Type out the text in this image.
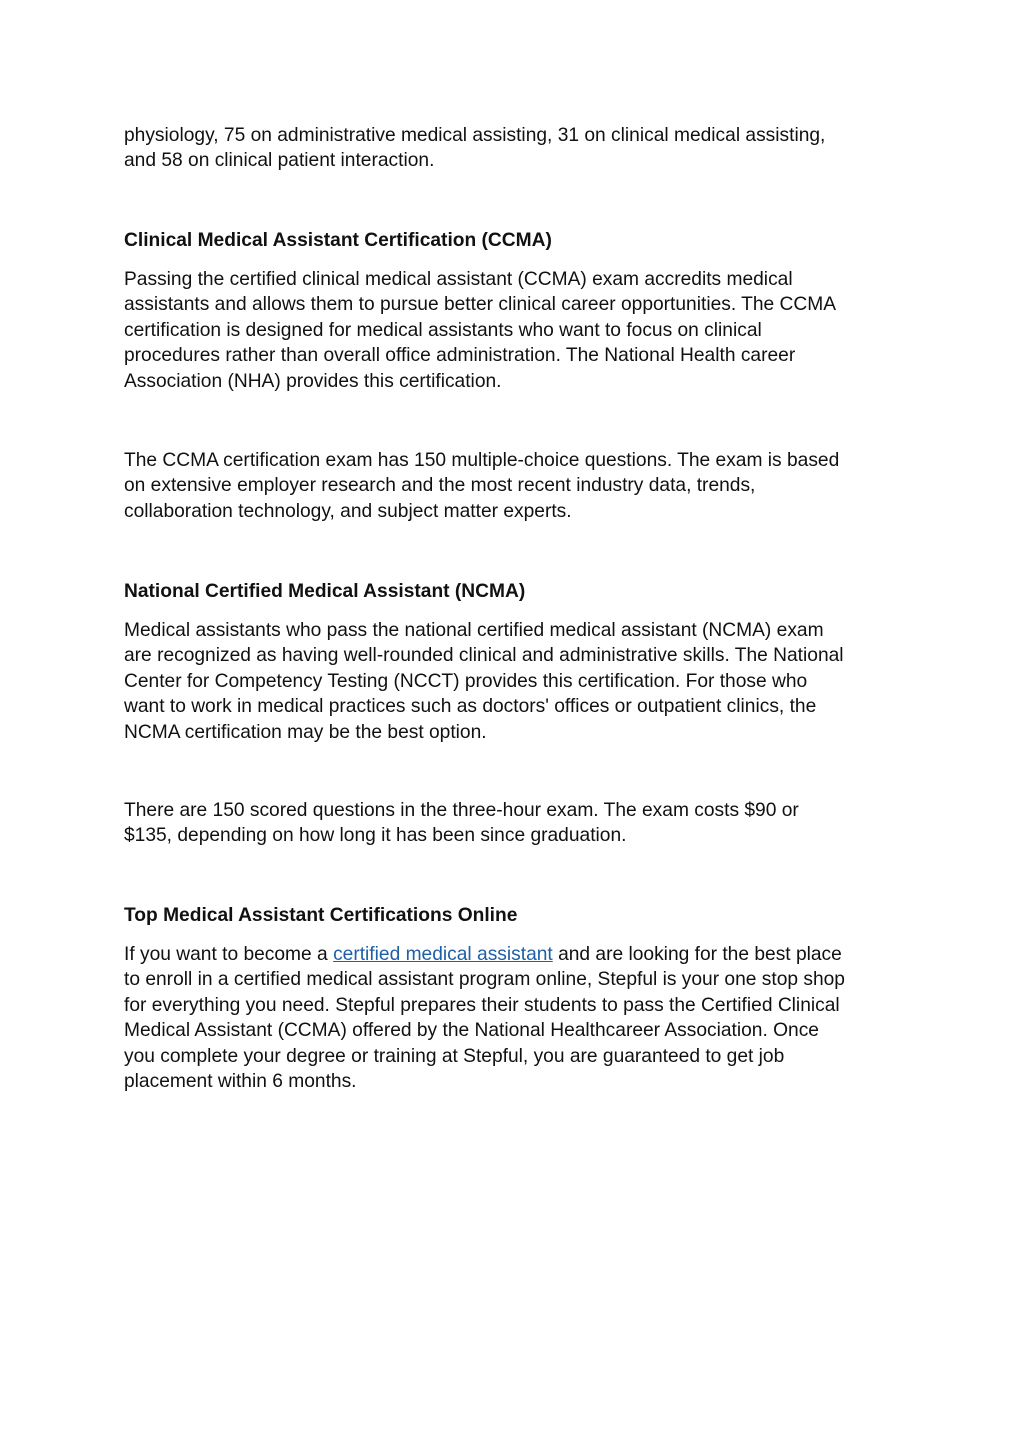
physiology, 75 on administrative medical assisting, 31 on clinical medical assisting,
and 58 on clinical patient interaction.

Clinical Medical Assistant Certification (CCMA)

Passing the certified clinical medical assistant (CCMA) exam accredits medical
assistants and allows them to pursue better clinical career opportunities. The CCMA
certification is designed for medical assistants who want to focus on clinical
procedures rather than overall office administration. The National Health career
Association (NHA) provides this certification.

The CCMA certification exam has 150 multiple-choice questions. The exam is based
on extensive employer research and the most recent industry data, trends,
collaboration technology, and subject matter experts.

National Certified Medical Assistant (NCMA)

Medical assistants who pass the national certified medical assistant (NCMA) exam
are recognized as having well-rounded clinical and administrative skills. The National
Center for Competency Testing (NCCT) provides this certification. For those who
want to work in medical practices such as doctors' offices or outpatient clinics, the
NCMA certification may be the best option.

There are 150 scored questions in the three-hour exam. The exam costs $90 or
$135, depending on how long it has been since graduation.

Top Medical Assistant Certifications Online

If you want to become a certified medical assistant and are looking for the best place
to enroll in a certified medical assistant program online, Stepful is your one stop shop
for everything you need. Stepful prepares their students to pass the Certified Clinical
Medical Assistant (CCMA) offered by the National Healthcareer Association. Once
you complete your degree or training at Stepful, you are guaranteed to get job
placement within 6 months.
